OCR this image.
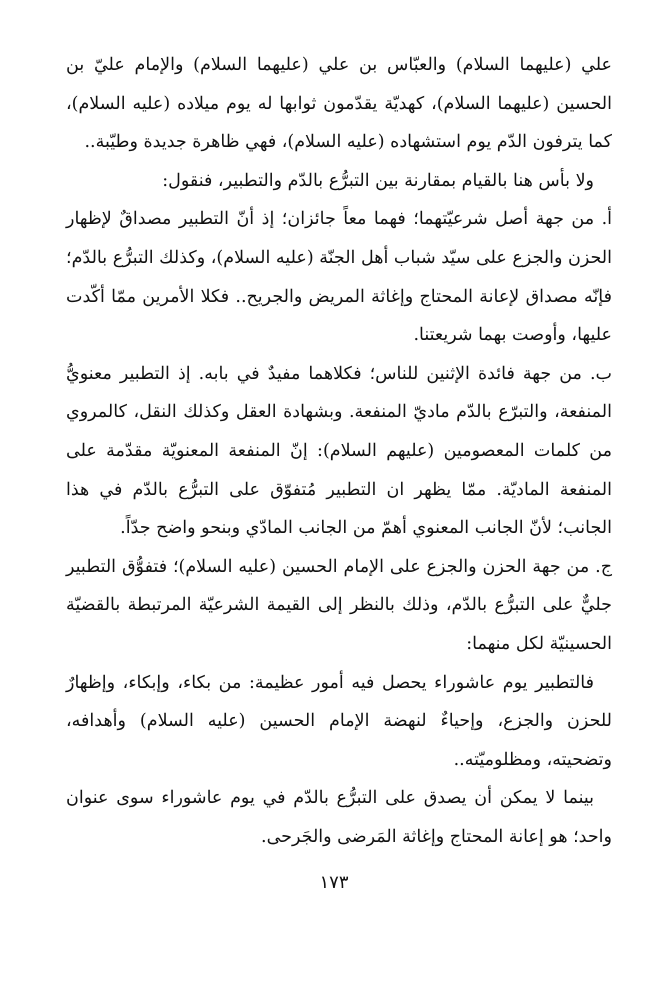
علي (عليهما السلام) والعبّاس بن علي (عليهما السلام) والإمام عليّ بن الحسين (عليهما السلام)، كهديّة يقدّمون ثوابها له يوم ميلاده (عليه السلام)، كما يترفون الدّم يوم استشهاده (عليه السلام)، فهي ظاهرة جديدة وطيّبة..

ولا بأس هنا بالقيام بمقارنة بين التبرُّع بالدّم والتطبير، فنقول:

أ. من جهة أصل شرعيّتهما؛ فهما معاً جائزان؛ إذ أنّ التطبير مصداقٌ لإظهار الحزن والجزع على سيّد شباب أهل الجنّة (عليه السلام)، وكذلك التبرُّع بالدّم؛ فإنّه مصداق لإعانة المحتاج وإغاثة المريض والجريح.. فكلا الأمرين ممّا أكّدت عليها، وأوصت بهما شريعتنا.

ب. من جهة فائدة الإثنين للناس؛ فكلاهما مفيدٌ في بابه. إذ التطبير معنويُّ المنفعة، والتبرّع بالدّم ماديّ المنفعة. وبشهادة العقل وكذلك النقل، كالمروي من كلمات المعصومين (عليهم السلام): إنّ المنفعة المعنويّة مقدّمة على المنفعة الماديّة. ممّا يظهر ان التطبير مُتفوّق على التبرُّع بالدّم في هذا الجانب؛ لأنّ الجانب المعنوي أهمّ من الجانب المادّي وبنحو واضح جدّاً.

ج. من جهة الحزن والجزع على الإمام الحسين (عليه السلام)؛ فتفوُّق التطبير جليٌّ على التبرُّع بالدّم، وذلك بالنظر إلى القيمة الشرعيّة المرتبطة بالقضيّة الحسينيّة لكل منهما:

فالتطبير يوم عاشوراء يحصل فيه أمور عظيمة: من بكاء، وإبكاء، وإظهارٌ للحزن والجزع، وإحياءٌ لنهضة الإمام الحسين (عليه السلام) وأهدافه، وتضحيته، ومظلوميّته..

بينما لا يمكن أن يصدق على التبرُّع بالدّم في يوم عاشوراء سوى عنوان واحد؛ هو إعانة المحتاج وإغاثة المَرضى والجَرحى.

١٧٣
